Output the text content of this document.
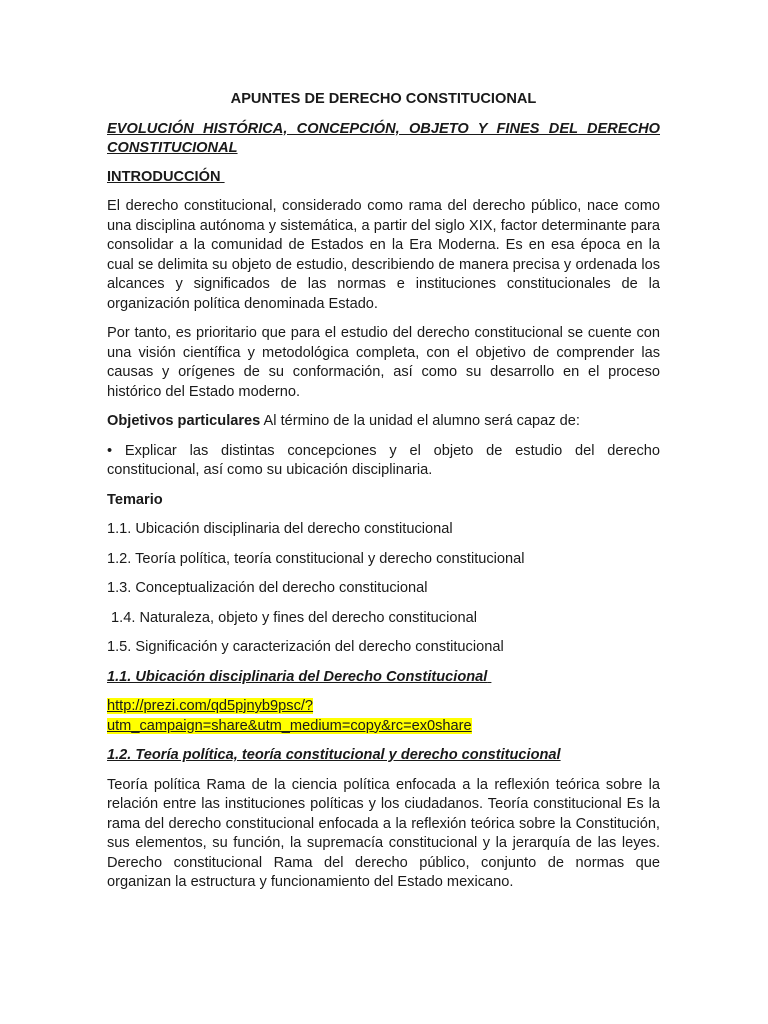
APUNTES DE DERECHO CONSTITUCIONAL
EVOLUCIÓN HISTÓRICA, CONCEPCIÓN, OBJETO Y FINES DEL DERECHO CONSTITUCIONAL
INTRODUCCIÓN

El derecho constitucional, considerado como rama del derecho público, nace como una disciplina autónoma y sistemática, a partir del siglo XIX, factor determinante para consolidar a la comunidad de Estados en la Era Moderna. Es en esa época en la cual se delimita su objeto de estudio, describiendo de manera precisa y ordenada los alcances y significados de las normas e instituciones constitucionales de la organización política denominada Estado.

Por tanto, es prioritario que para el estudio del derecho constitucional se cuente con una visión científica y metodológica completa, con el objetivo de comprender las causas y orígenes de su conformación, así como su desarrollo en el proceso histórico del Estado moderno.

Objetivos particulares Al término de la unidad el alumno será capaz de:

• Explicar las distintas concepciones y el objeto de estudio del derecho constitucional, así como su ubicación disciplinaria.

Temario
1.1. Ubicación disciplinaria del derecho constitucional
1.2. Teoría política, teoría constitucional y derecho constitucional
1.3. Conceptualización del derecho constitucional
1.4. Naturaleza, objeto y fines del derecho constitucional
1.5. Significación y caracterización del derecho constitucional
1.1. Ubicación disciplinaria del Derecho Constitucional
http://prezi.com/qd5pjnyb9psc/?
utm_campaign=share&utm_medium=copy&rc=ex0share
1.2. Teoría política, teoría constitucional y derecho constitucional

Teoría política Rama de la ciencia política enfocada a la reflexión teórica sobre la relación entre las instituciones políticas y los ciudadanos. Teoría constitucional Es la rama del derecho constitucional enfocada a la reflexión teórica sobre la Constitución, sus elementos, su función, la supremacía constitucional y la jerarquía de las leyes. Derecho constitucional Rama del derecho público, conjunto de normas que organizan la estructura y funcionamiento del Estado mexicano.
